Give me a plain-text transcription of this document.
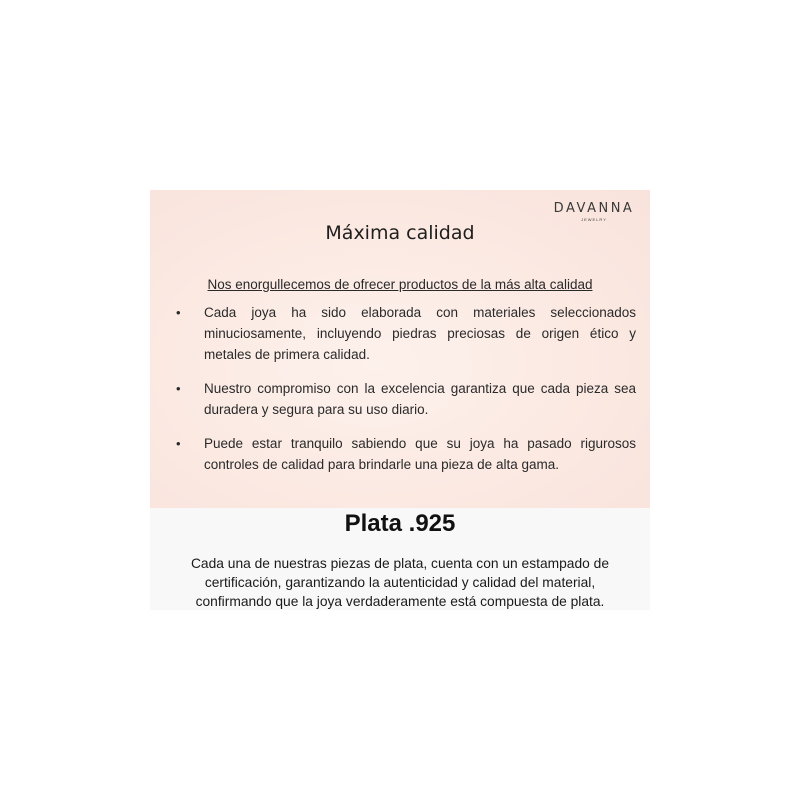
DAVANNA
JEWELRY
Máxima calidad
Nos enorgullecemos de ofrecer productos de la más alta calidad
• Cada joya ha sido elaborada con materiales seleccionados minuciosamente, incluyendo piedras preciosas de origen ético y metales de primera calidad.
• Nuestro compromiso con la excelencia garantiza que cada pieza sea duradera y segura para su uso diario.
• Puede estar tranquilo sabiendo que su joya ha pasado rigurosos controles de calidad para brindarle una pieza de alta gama.
Plata .925
Cada una de nuestras piezas de plata, cuenta con un estampado de certificación, garantizando la autenticidad y calidad del material, confirmando que la joya verdaderamente está compuesta de plata.
